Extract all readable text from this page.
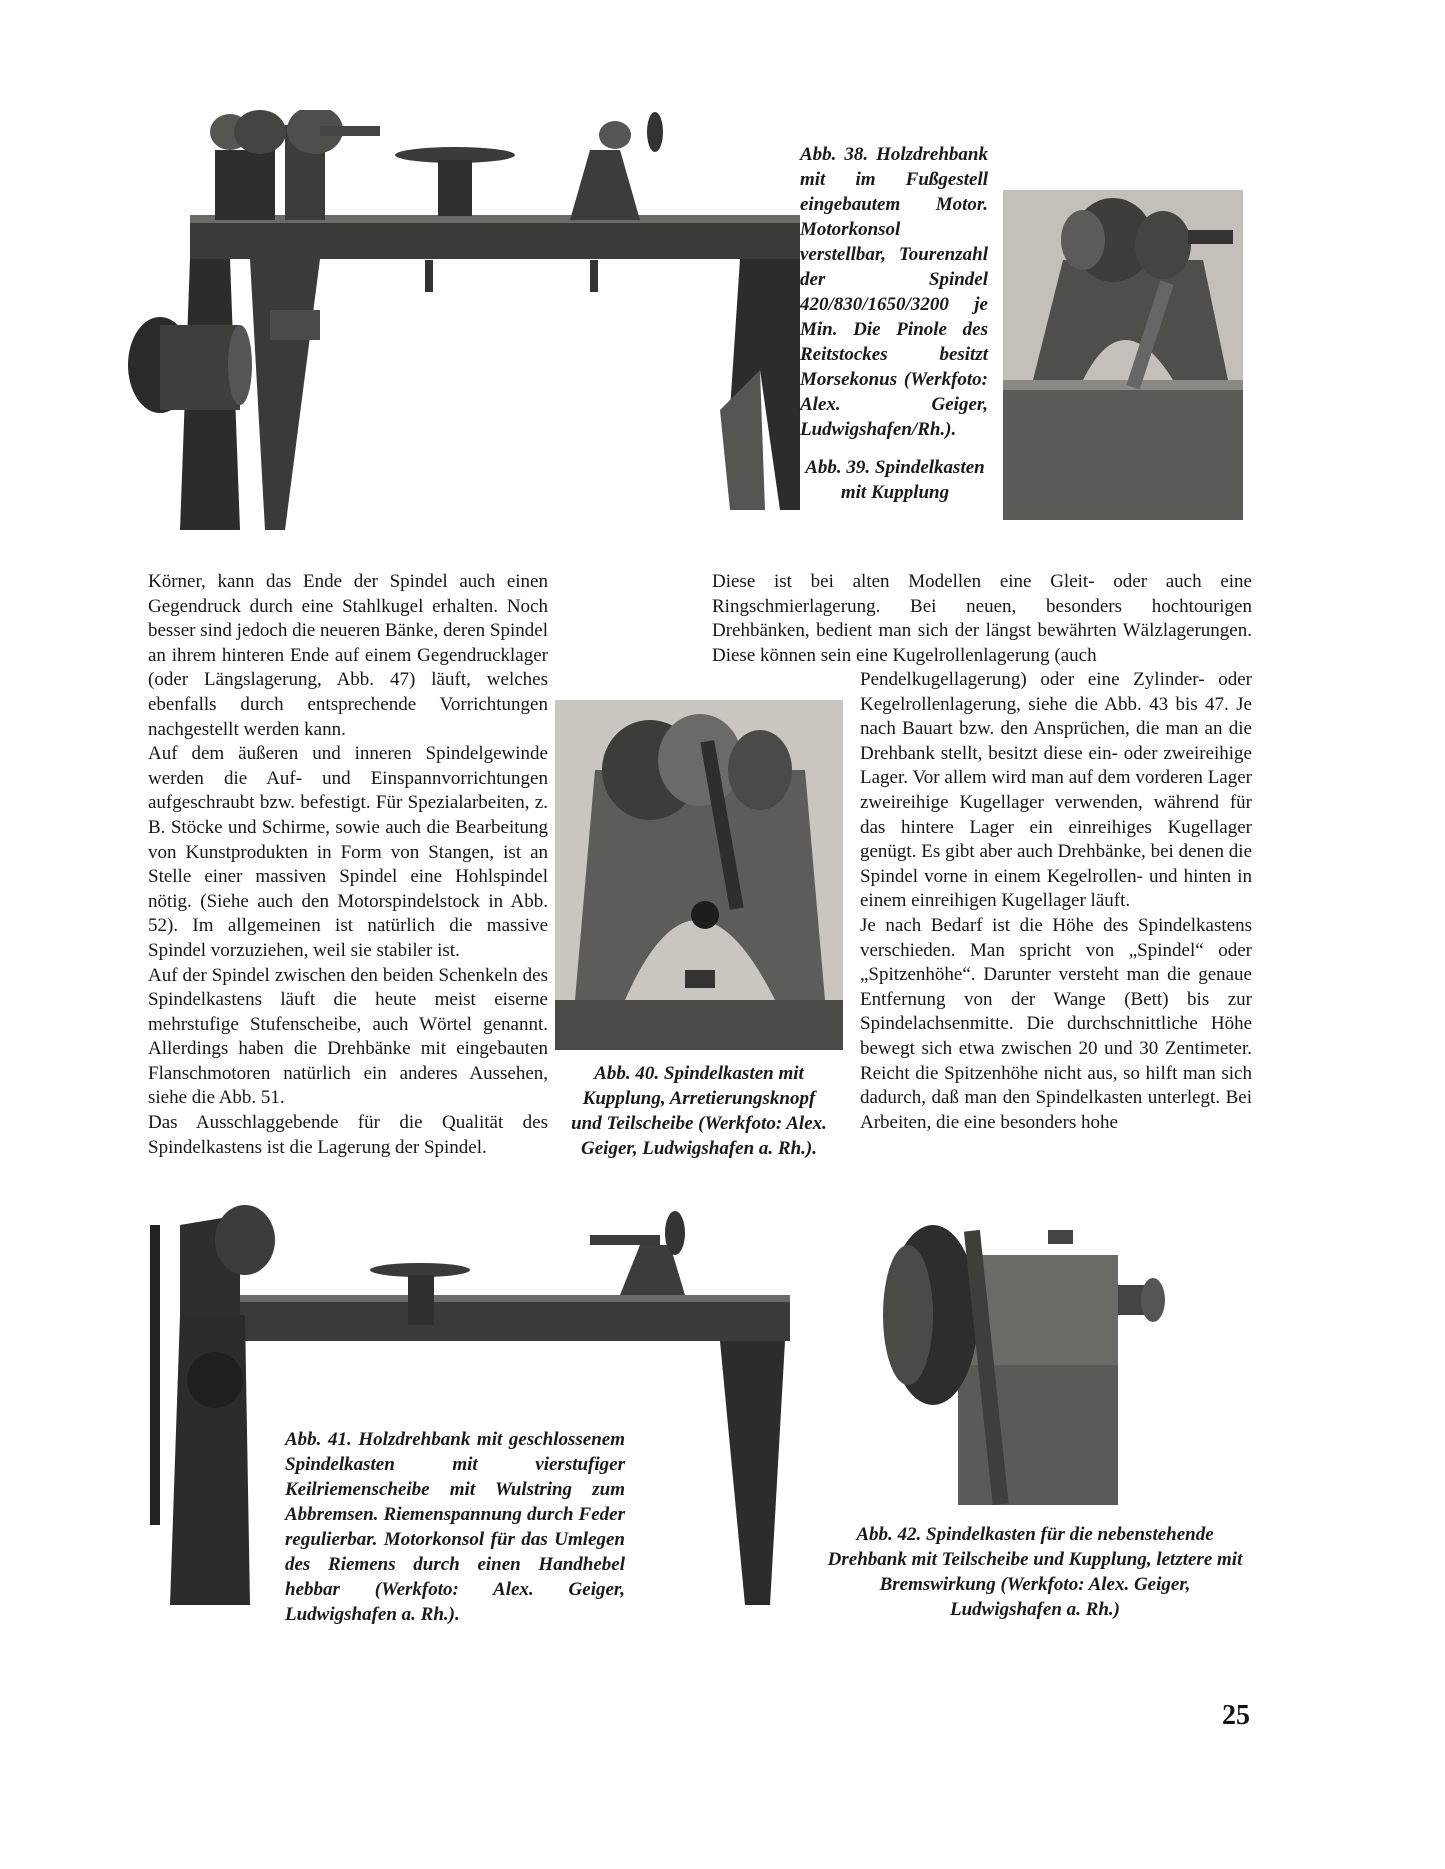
Abb. 38. Holzdrehbank mit im Fußgestell eingebautem Motor. Motorkonsol verstellbar, Tourenzahl der Spindel 420/830/1650/3200 je Min. Die Pinole des Reitstockes besitzt Morsekonus (Werkfoto: Alex. Geiger, Ludwigshafen/Rh.).
Abb. 39. Spindelkasten mit Kupplung

Körner, kann das Ende der Spindel auch einen Gegendruck durch eine Stahlkugel erhalten. Noch besser sind jedoch die neueren Bänke, deren Spindel an ihrem hinteren Ende auf einem Gegendrucklager (oder Längslagerung, Abb. 47) läuft, welches ebenfalls durch entsprechende Vorrichtungen nachgestellt werden kann.

Auf dem äußeren und inneren Spindelgewinde werden die Auf- und Einspannvorrichtungen aufgeschraubt bzw. befestigt. Für Spezialarbeiten, z. B. Stöcke und Schirme, sowie auch die Bearbeitung von Kunstprodukten in Form von Stangen, ist an Stelle einer massiven Spindel eine Hohlspindel nötig. (Siehe auch den Motorspindelstock in Abb. 52). Im allgemeinen ist natürlich die massive Spindel vorzuziehen, weil sie stabiler ist.

Auf der Spindel zwischen den beiden Schenkeln des Spindelkastens läuft die heute meist eiserne mehrstufige Stufenscheibe, auch Wörtel genannt. Allerdings haben die Drehbänke mit eingebauten Flanschmotoren natürlich ein anderes Aussehen, siehe die Abb. 51.

Das Ausschlaggebende für die Qualität des Spindelkastens ist die Lagerung der Spindel.

Abb. 40. Spindelkasten mit Kupplung, Arretierungsknopf und Teilscheibe (Werkfoto: Alex. Geiger, Ludwigshafen a. Rh.).
Diese ist bei alten Modellen eine Gleit- oder auch eine Ringschmierlagerung. Bei neuen, besonders hochtourigen Drehbänken, bedient man sich der längst bewährten Wälzlagerungen. Diese können sein eine Kugelrollenlagerung (auch

Pendelkugellagerung) oder eine Zylinder- oder Kegelrollenlagerung, siehe die Abb. 43 bis 47. Je nach Bauart bzw. den Ansprüchen, die man an die Drehbank stellt, besitzt diese ein- oder zweireihige Lager. Vor allem wird man auf dem vorderen Lager zweireihige Kugellager verwenden, während für das hintere Lager ein einreihiges Kugellager genügt. Es gibt aber auch Drehbänke, bei denen die Spindel vorne in einem Kegelrollen- und hinten in einem einreihigen Kugellager läuft.

Je nach Bedarf ist die Höhe des Spindelkastens verschieden. Man spricht von „Spindel“ oder „Spitzenhöhe“. Darunter versteht man die genaue Entfernung von der Wange (Bett) bis zur Spindelachsenmitte. Die durchschnittliche Höhe bewegt sich etwa zwischen 20 und 30 Zentimeter. Reicht die Spitzenhöhe nicht aus, so hilft man sich dadurch, daß man den Spindelkasten unterlegt. Bei Arbeiten, die eine besonders hohe

Abb. 41. Holzdrehbank mit geschlossenem Spindelkasten mit vierstufiger Keilriemenscheibe mit Wulstring zum Abbremsen. Riemenspannung durch Feder regulierbar. Motorkonsol für das Umlegen des Riemens durch einen Handhebel hebbar (Werkfoto: Alex. Geiger, Ludwigshafen a. Rh.).
Abb. 42. Spindelkasten für die nebenstehende Drehbank mit Teilscheibe und Kupplung, letztere mit Bremswirkung (Werkfoto: Alex. Geiger, Ludwigshafen a. Rh.)
25
